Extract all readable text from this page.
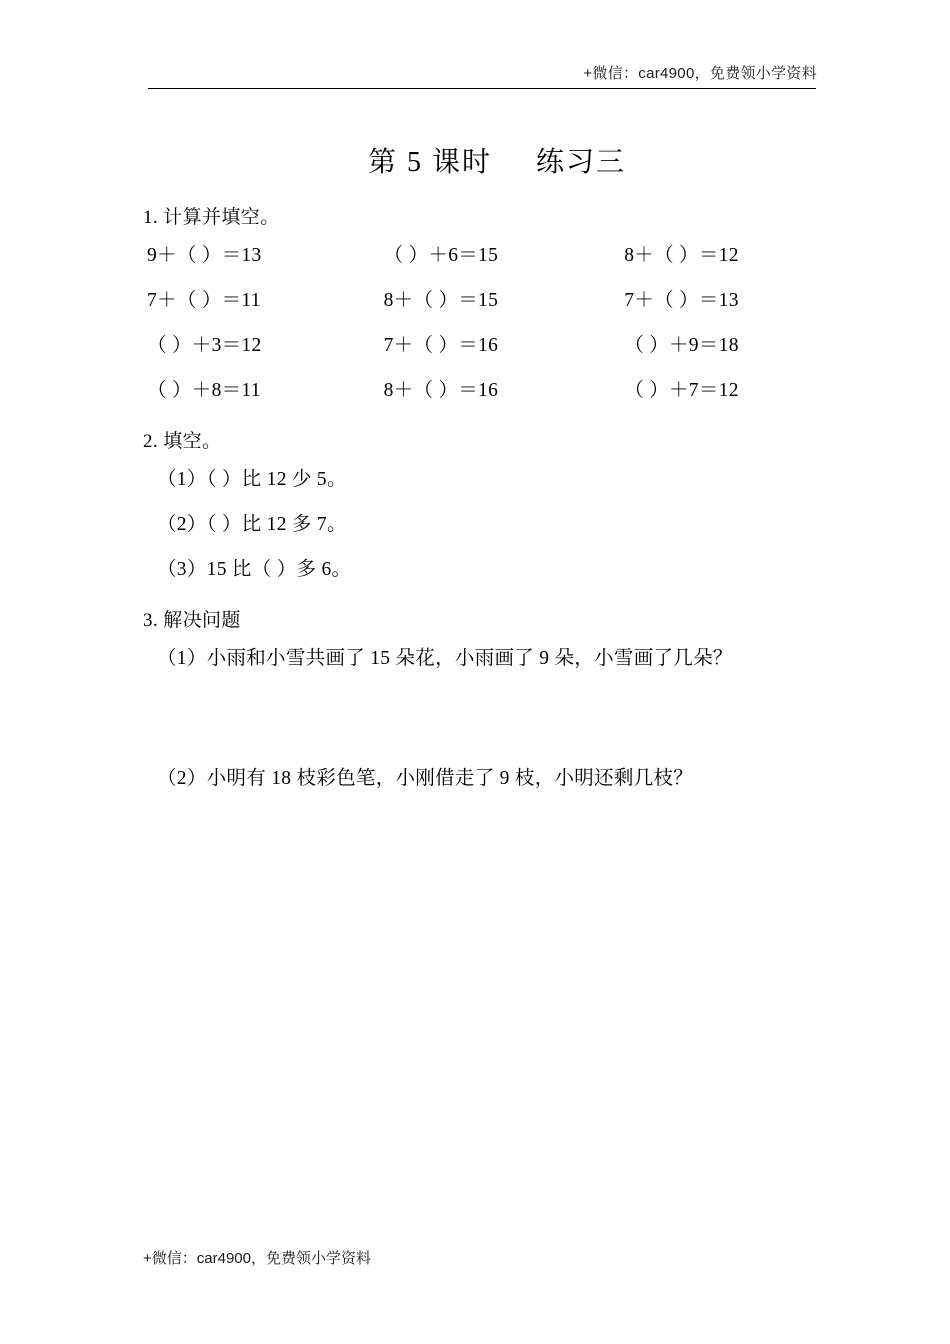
+微信：car4900，免费领小学资料
第 5 课时 练习三
1. 计算并填空。
9＋（ ）＝13	（ ）＋6＝15	8＋（ ）＝12
7＋（ ）＝11	8＋（ ）＝15	7＋（ ）＝13
（ ）＋3＝12	7＋（ ）＝16	（ ）＋9＝18
（ ）＋8＝11	8＋（ ）＝16	（ ）＋7＝12
2. 填空。
（1）（ ）比 12 少 5。
（2）（ ）比 12 多 7。
（3）15 比（ ）多 6。
3. 解决问题
（1）小雨和小雪共画了 15 朵花，小雨画了 9 朵，小雪画了几朵？
（2）小明有 18 枝彩色笔，小刚借走了 9 枝，小明还剩几枝？
+微信：car4900，免费领小学资料
